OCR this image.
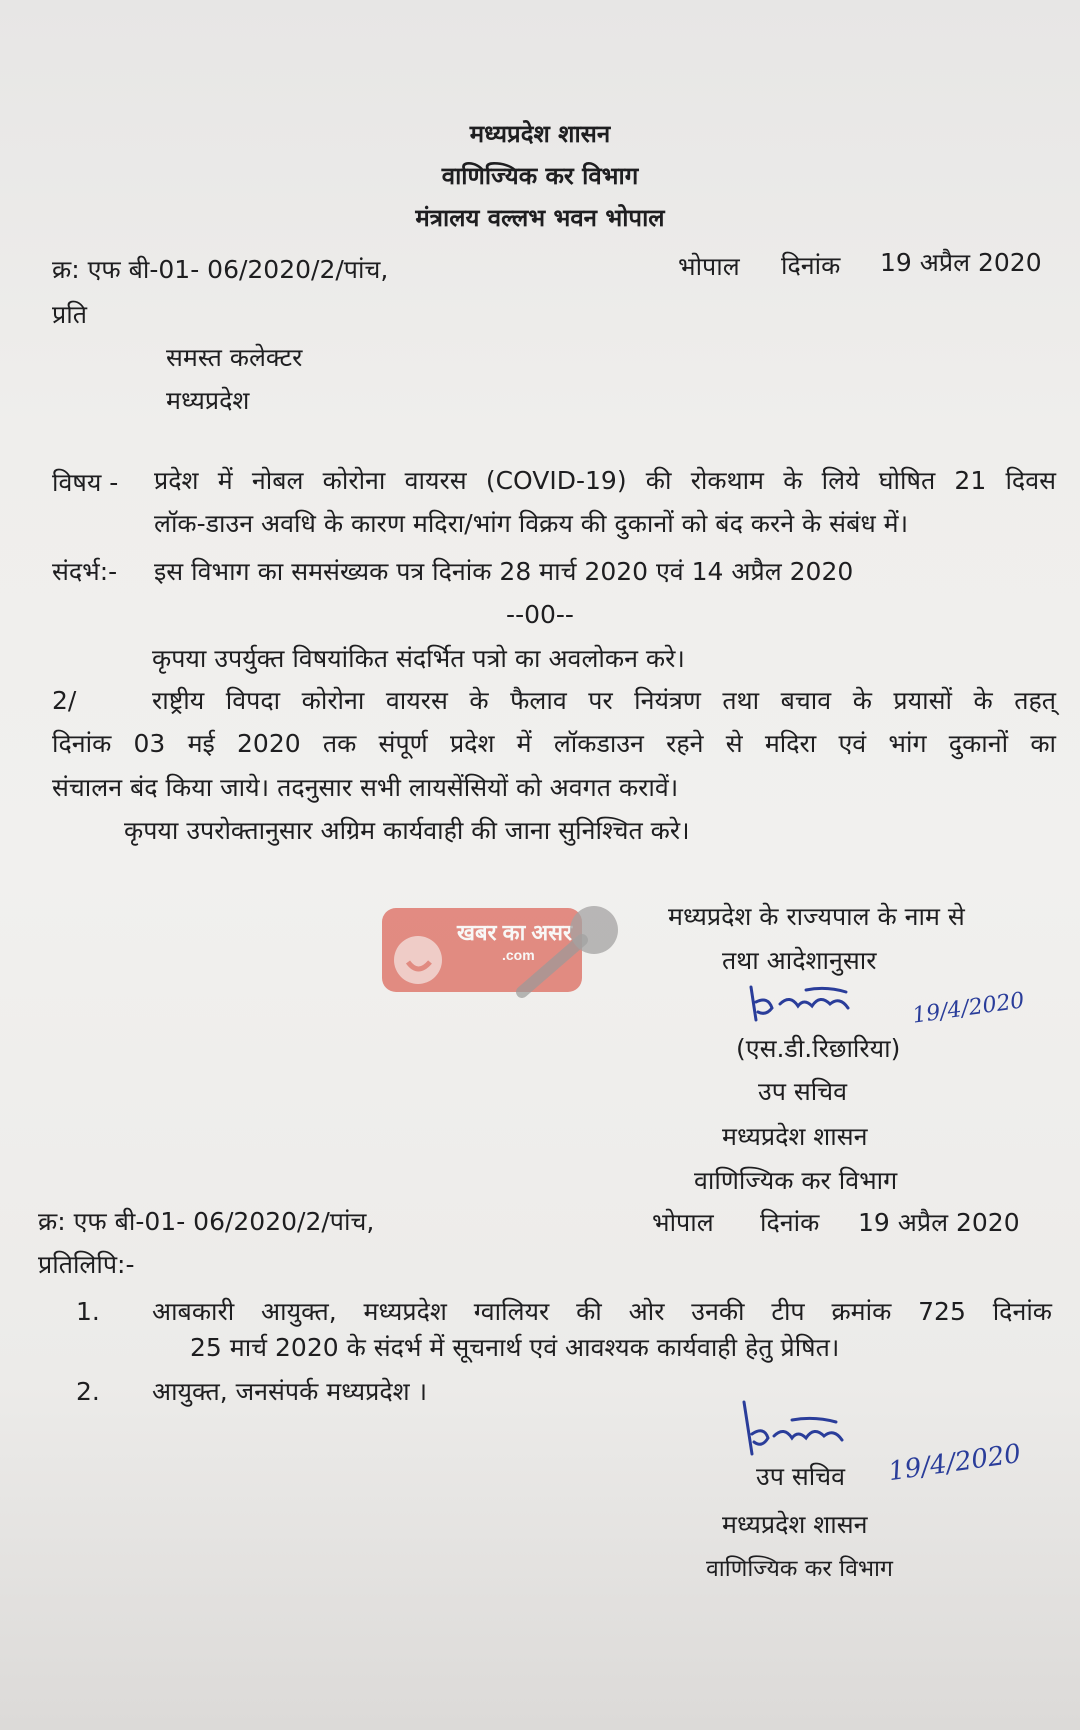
मध्यप्रदेश शासन
वाणिज्यिक कर विभाग
मंत्रालय वल्लभ भवन भोपाल
क्र: एफ बी-01- 06/2020/2/पांच,	भोपाल दिनांक 19 अप्रैल 2020
प्रति
समस्त कलेक्टर
मध्यप्रदेश
विषय - प्रदेश में नोबल कोरोना वायरस (COVID-19) की रोकथाम के लिये घोषित 21 दिवस
लॉक-डाउन अवधि के कारण मदिरा/भांग विक्रय की दुकानों को बंद करने के संबंध में।
संदर्भ:- इस विभाग का समसंख्यक पत्र दिनांक 28 मार्च 2020 एवं 14 अप्रैल 2020
--00--
कृपया उपर्युक्त विषयांकित संदर्भित पत्रो का अवलोकन करे।
2/	राष्ट्रीय विपदा कोरोना वायरस के फैलाव पर नियंत्रण तथा बचाव के प्रयासों के तहत्
दिनांक 03 मई 2020 तक संपूर्ण प्रदेश में लॉकडाउन रहने से मदिरा एवं भांग दुकानों का
संचालन बंद किया जाये। तदनुसार सभी लायसेंसियों को अवगत करावें।
कृपया उपरोक्तानुसार अग्रिम कार्यवाही की जाना सुनिश्चित करे।
खबर का असर
.com
मध्यप्रदेश के राज्यपाल के नाम से
तथा आदेशानुसार
19/4/2020
(एस.डी.रिछारिया)
उप सचिव
मध्यप्रदेश शासन
वाणिज्यिक कर विभाग
क्र: एफ बी-01- 06/2020/2/पांच,	भोपाल दिनांक 19 अप्रैल 2020
प्रतिलिपि:-
1. आबकारी आयुक्त, मध्यप्रदेश ग्वालियर की ओर उनकी टीप क्रमांक 725 दिनांक
25 मार्च 2020 के संदर्भ में सूचनार्थ एवं आवश्यक कार्यवाही हेतु प्रेषित।
2. आयुक्त, जनसंपर्क मध्यप्रदेश ।
उप सचिव 19/4/2020
मध्यप्रदेश शासन
वाणिज्यिक कर विभाग
